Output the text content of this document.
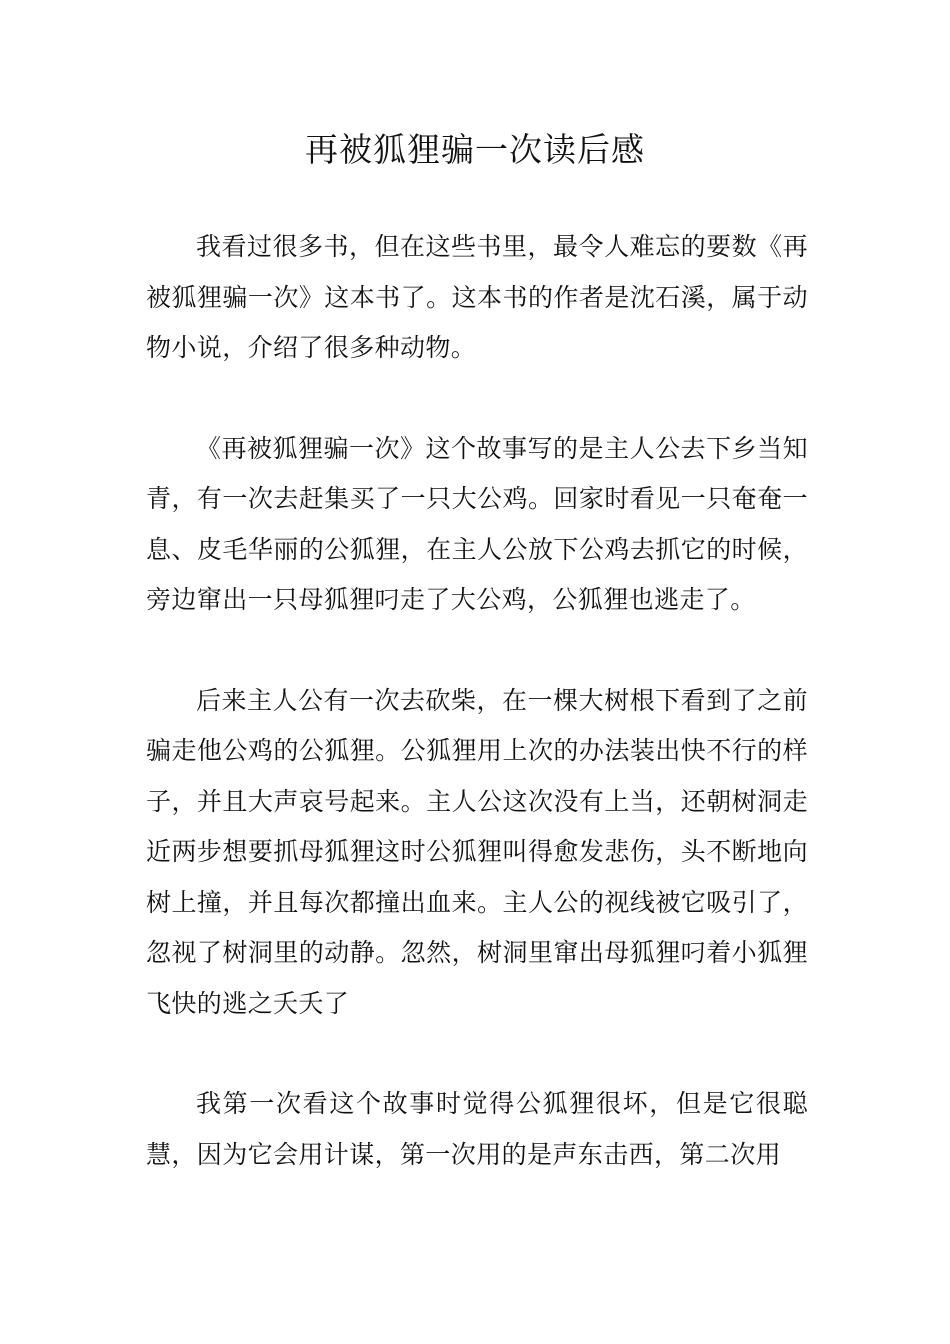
再被狐狸骗一次读后感

我看过很多书，但在这些书里，最令人难忘的要数《再被狐狸骗一次》这本书了。这本书的作者是沈石溪，属于动物小说，介绍了很多种动物。

《再被狐狸骗一次》这个故事写的是主人公去下乡当知青，有一次去赶集买了一只大公鸡。回家时看见一只奄奄一息、皮毛华丽的公狐狸，在主人公放下公鸡去抓它的时候，旁边窜出一只母狐狸叼走了大公鸡，公狐狸也逃走了。

后来主人公有一次去砍柴，在一棵大树根下看到了之前骗走他公鸡的公狐狸。公狐狸用上次的办法装出快不行的样子，并且大声哀号起来。主人公这次没有上当，还朝树洞走近两步想要抓母狐狸这时公狐狸叫得愈发悲伤，头不断地向树上撞，并且每次都撞出血来。主人公的视线被它吸引了，忽视了树洞里的动静。忽然，树洞里窜出母狐狸叼着小狐狸飞快的逃之夭夭了

我第一次看这个故事时觉得公狐狸很坏，但是它很聪慧，因为它会用计谋，第一次用的是声东击西，第二次用
